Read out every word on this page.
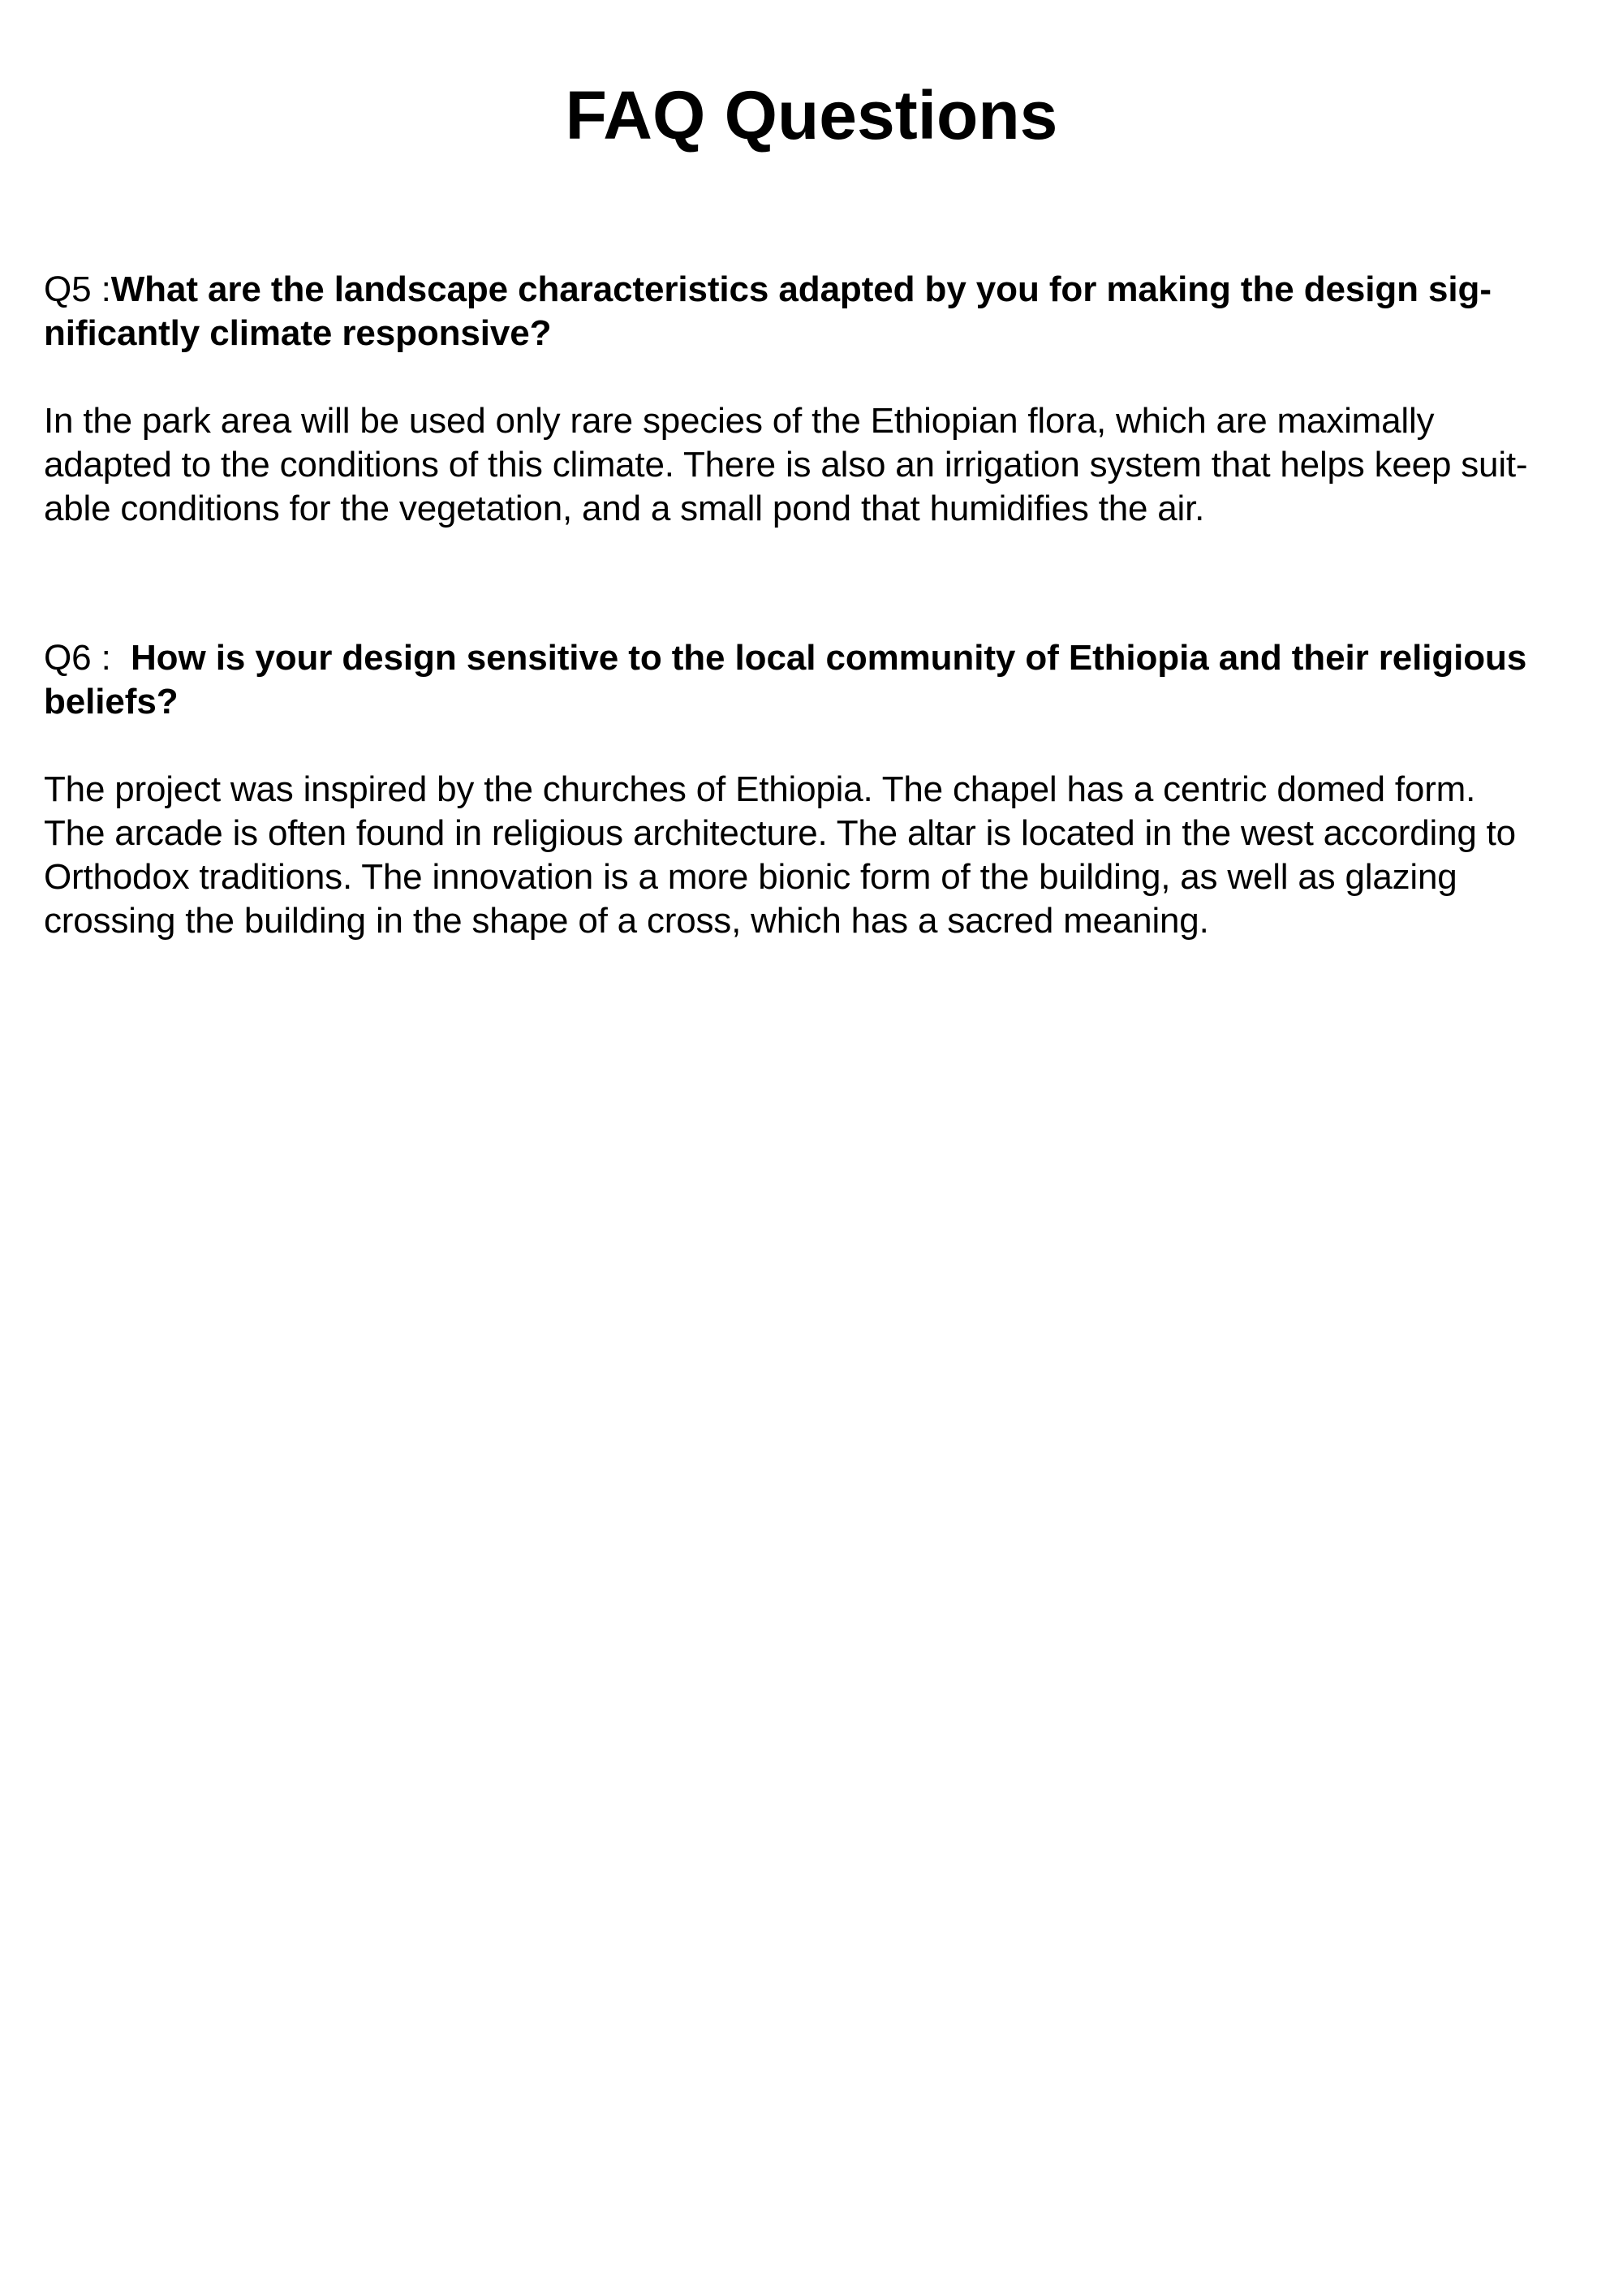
FAQ Questions

Q5 :What are the landscape characteristics adapted by you for making the design sig-
nificantly climate responsive?

In the park area will be used only rare species of the Ethiopian flora, which are maximally
adapted to the conditions of this climate. There is also an irrigation system that helps keep suit-
able conditions for the vegetation, and a small pond that humidifies the air.

Q6 :  How is your design sensitive to the local community of Ethiopia and their religious
beliefs?

The project was inspired by the churches of Ethiopia. The chapel has a centric domed form.
The arcade is often found in religious architecture. The altar is located in the west according to
Orthodox traditions. The innovation is a more bionic form of the building, as well as glazing
crossing the building in the shape of a cross, which has a sacred meaning.
